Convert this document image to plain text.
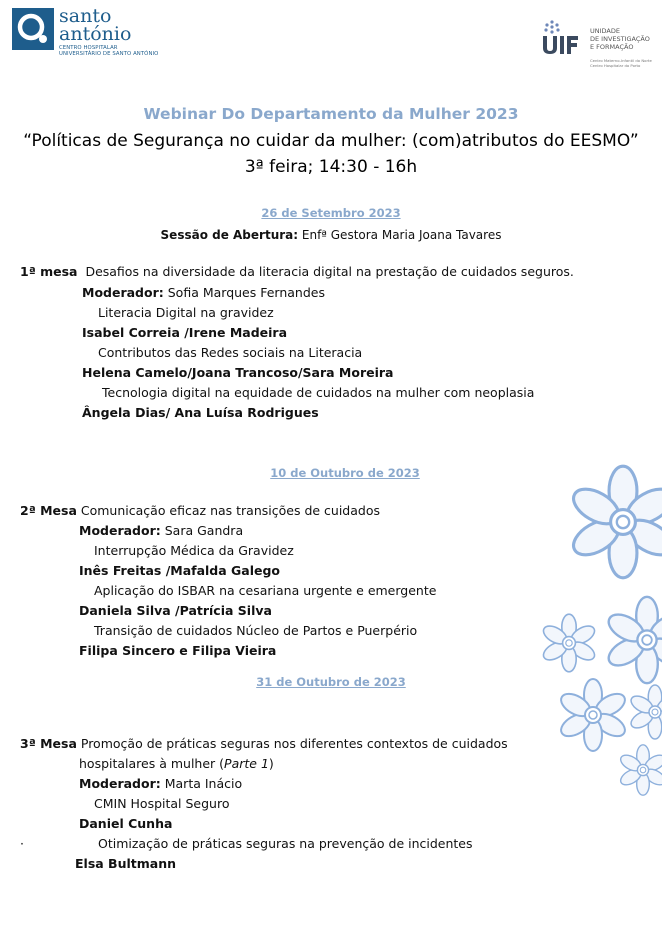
santo
antónio
CENTRO HOSPITALAR
UNIVERSITÁRIO DE SANTO ANTÓNIO
UNIDADE
DE INVESTIGAÇÃO
E FORMAÇÃO
Centro Materno-Infantil do Norte
Centro Hospitalar do Porto
Webinar Do Departamento da Mulher 2023
“Políticas de Segurança no cuidar da mulher: (com)atributos do EESMO”
3ª feira; 14:30 - 16h
26 de Setembro 2023
Sessão de Abertura: Enfª Gestora Maria Joana Tavares
1ª mesa Desafios na diversidade da literacia digital na prestação de cuidados seguros.
Moderador: Sofia Marques Fernandes
Literacia Digital na gravidez
Isabel Correia /Irene Madeira
Contributos das Redes sociais na Literacia
Helena Camelo/Joana Trancoso/Sara Moreira
Tecnologia digital na equidade de cuidados na mulher com neoplasia
Ângela Dias/ Ana Luísa Rodrigues
10 de Outubro de 2023
2ª Mesa Comunicação eficaz nas transições de cuidados
Moderador: Sara Gandra
Interrupção Médica da Gravidez
Inês Freitas /Mafalda Galego
Aplicação do ISBAR na cesariana urgente e emergente
Daniela Silva /Patrícia Silva
Transição de cuidados Núcleo de Partos e Puerpério
Filipa Sincero e Filipa Vieira
31 de Outubro de 2023
3ª Mesa Promoção de práticas seguras nos diferentes contextos de cuidados
hospitalares à mulher (Parte 1)
Moderador: Marta Inácio
CMIN Hospital Seguro
Daniel Cunha
·	Otimização de práticas seguras na prevenção de incidentes
Elsa Bultmann
